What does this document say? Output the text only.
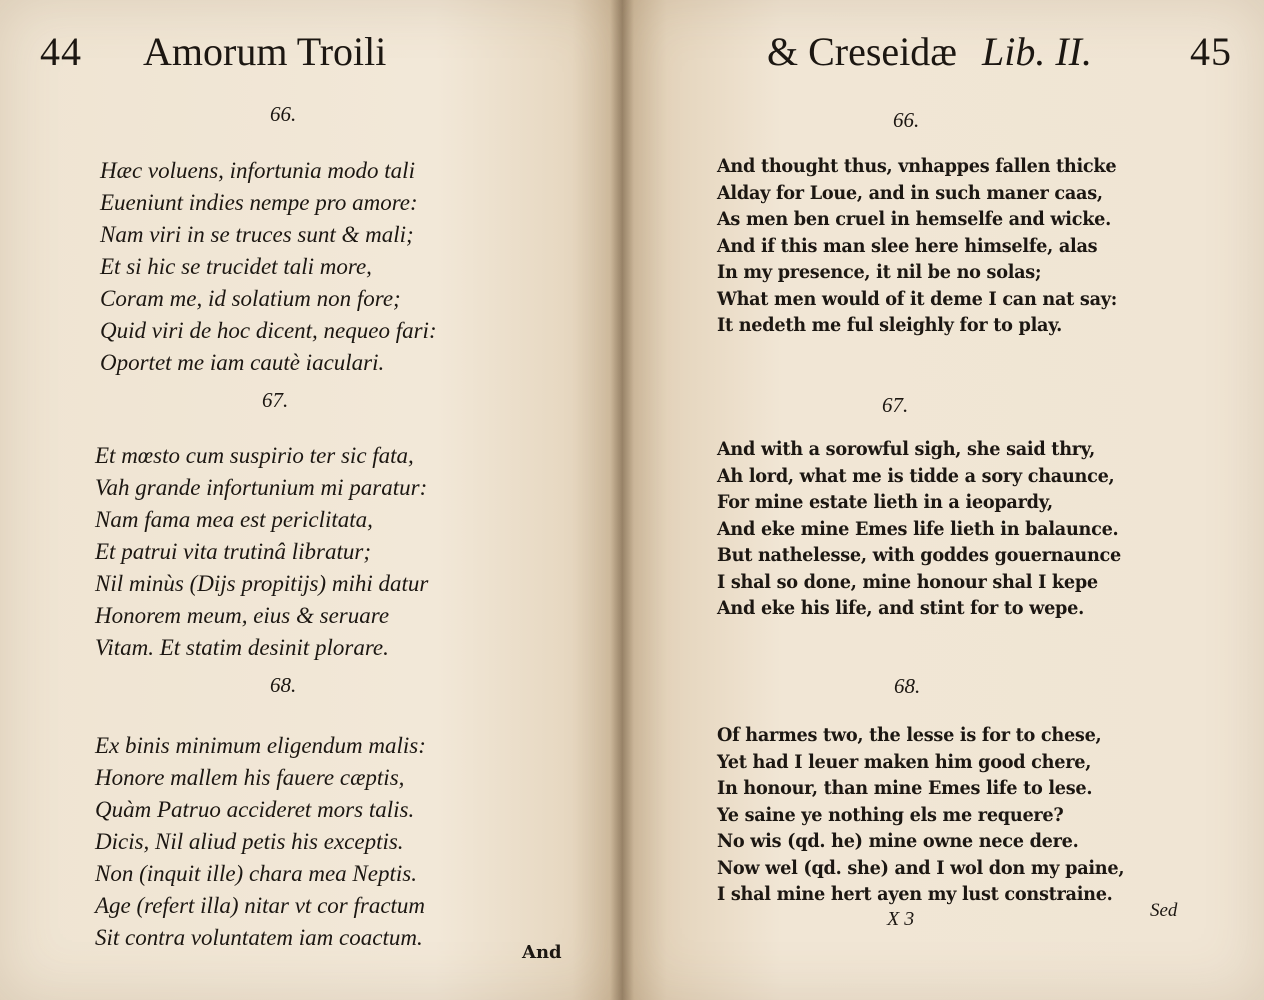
44 Amorum Troili
66.
Hæc voluens, infortunia modo tali
Eueniunt indies nempe pro amore:
Nam viri in se truces sunt & mali;
Et si hic se trucidet tali more,
Coram me, id solatium non fore;
Quid viri de hoc dicent, nequeo fari:
Oportet me iam cautè iaculari.
67.
Et mœsto cum suspirio ter sic fata,
Vah grande infortunium mi paratur:
Nam fama mea est periclitata,
Et patrui vita trutinâ libratur;
Nil minùs (Dijs propitijs) mihi datur
Honorem meum, eius & seruare
Vitam. Et statim desinit plorare.
68.
Ex binis minimum eligendum malis:
Honore mallem his fauere cæptis,
Quàm Patruo accideret mors talis.
Dicis, Nil aliud petis his exceptis.
Non (inquit ille) chara mea Neptis.
Age (refert illa) nitar vt cor fractum
Sit contra voluntatem iam coactum.
And
& Creseidæ Lib. II. 45
66.
And thought thus, vnhappes fallen thicke
Alday for Loue, and in such maner caas,
As men ben cruel in hemselfe and wicke.
And if this man slee here himselfe, alas
In my presence, it nil be no solas;
What men would of it deme I can nat say:
It nedeth me ful sleighly for to play.
67.
And with a sorowful sigh, she said thry,
Ah lord, what me is tidde a sory chaunce,
For mine estate lieth in a ieopardy,
And eke mine Emes life lieth in balaunce.
But nathelesse, with goddes gouernaunce
I shal so done, mine honour shal I kepe
And eke his life, and stint for to wepe.
68.
Of harmes two, the lesse is for to chese,
Yet had I leuer maken him good chere,
In honour, than mine Emes life to lese.
Ye saine ye nothing els me requere?
No wis (qd. he) mine owne nece dere.
Now wel (qd. she) and I wol don my paine,
I shal mine hert ayen my lust constraine.
X 3	Sed
